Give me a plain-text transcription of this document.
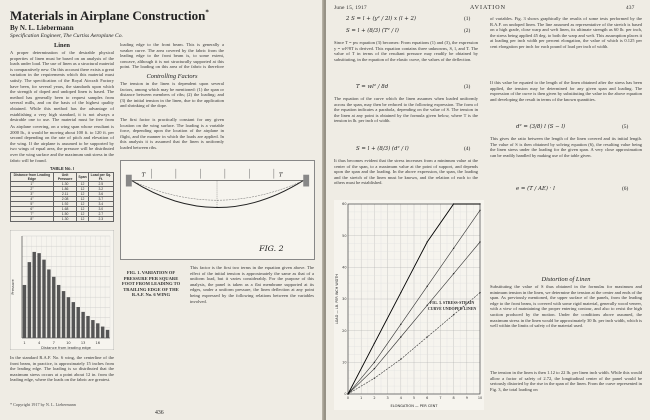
Materials in Airplane Construction*
By N. L. Liebermann
Specification Engineer, The Curtiss Aeroplane Co.
Linen
A proper determination of the desirable physical properties of linen must be based on an analysis of the loads under load. The use of linen as a structural material is comparatively new. On this account there exists a great variation in the requirements which this material must satisfy. The specification of the Royal Aircraft Factory have been, for several years, the standards upon which the strength of doped and undoped linen is based. The method has generally been to request samples from several mills, and on the basis of the highest quality obtained. While this method has the advantage of establishing a very high standard, it is not always a desirable one to use. The material must be free from
As airplane covering, on a wing span whose resultant is 2000 lb., it would be moving about 100 ft. to 120 ft. per second depending on the rate of pitch and elevation of the wing. If the airplane is assumed to be supported by two wings of equal area, the pressure will be distributed over the wing surface and the maximum unit stress in the fabric will be found.
TABLE No. I
Distance from Leading Edge	Unit Pressure	Span	Load per Sq. Ft.
1"	1.30	12	2.5
2"	1.86	12	3.2
3"	2.11	12	3.6
4"	2.08	12	3.7
5"	1.92	12	3.4
6"	1.68	12	3.0
7"	1.50	12	2.7
8"	1.30	12	2.3
1	4	7	10	13	16
Pressure
Distance from leading edge
FIG. 1. VARIATION OF PRESSURE PER SQUARE FOOT FROM LEADING TO TRAILING EDGE OF THE R.A.F. No. 6 WING
In the standard R.A.F. No. 6 wing, the centerline of the front beam, in practice, is approximately 15 inches from the leading edge. The loading is so distributed that the maximum stress occurs at a point about 12 in. from the leading edge, where the loads on the fabric are greatest.
loading edge to the front beam. This is generally a weaker curve. The area covered by the fabric from the leading edge to the front beam is, to some extent, concave, although it is not structurally supported at this point. The loading on this area of the fabric is therefore
Controlling Factors
The tension in the linen is dependent upon several factors, among which may be mentioned: (1) the span or distance between members of ribs; (2) the loading; and (3) the initial tension in the linen, due to the application and shrinking of the dope.
The first factor is practically constant for any given location on the wing surface. The loading is a variable force, depending upon the location of the airplane in flight, and the manner in which the loads are applied. In this analysis it is assumed that the linen is uniformly loaded between ribs.
T	T
FIG. 2
This factor is the first two terms in the equation given above. The effect of the initial tension is approximately the same as that of a uniform load, but it varies considerably. For the purpose of this analysis, the panel is taken as a flat membrane supported at its edges, under a uniform pressure, the linen deflection at any point being expressed by the following relations between the variables involved.
* Copyright 1917 by N. L. Liebermann
436
June 15, 1917	AVIATION	437
2 S = l + (y² / 2l) x (l + 2)	(1)
S = l + (8/3) (T² / l)	(2)
Since T = pw equation (3) becomes: From equations (1) and (3), the expression y = wl²/8T is derived. This equation contains three unknowns, S, l, and T. The value of T in terms of the resultant pressure may readily be obtained by substituting, in the equation of the elastic curve, the values of the deflection.
T = wl² / 8d	(3)
The equation of the curve which the linen assumes when loaded uniformly across the span, may then be reduced to the following expression. The form of the equation indicates a parabola, depending on the value of S. The tension in the linen at any point is obtained by the formula given below, where T is the tension in lb. per inch of width.
S = l + (8/3) (d² / l)	(4)
It thus becomes evident that the stress increases from a minimum value at the center of the span, to a maximum value at the point of support, and depends upon the span and the loading. In the above expression, the span, the loading and the stretch of the linen must be known, and the relation of each to the others must be established.
0	1	2	3	4	5	6	7	8	9	10
0
10
20
30
40
50
60
ELONGATION — PER CENT
LOAD — LB. PER INCH WIDTH	FIG. 3. STRESS-STRAIN CURVE UNDOPED LINEN
of variables. Fig. 3 shows graphically the results of some tests performed by the R.A.F. on undoped linen. The line assumed as representative of the stretch is based on a high grade, close warp and weft linen, its ultimate strength as 60 lb. per inch, the stress being applied 45 deg. to both the warp and weft. This assumption places it at loading per inch width per percent elongation, the value of which is 0.125 per cent elongation per inch for each pound of load per inch of width.
If this value be equated to the length of the linen obtained after the stress has been applied, the tension may be determined for any given span and loading. The expression of the curve is then given by substituting the value in the above equation and developing the result in terms of the known quantities.
d² = (3/8) l (S − l)	(5)
This gives the ratio between the length of the linen covered and its initial length. The value of S is then obtained by solving equation (6), the resulting value being the linen stress under the loading for the given span. A very close approximation can be readily handled by making use of the table given.
e = (T / AE) · l	(6)
Distortion of Linen
Substituting the value of S thus obtained in the formulas for maximum and minimum tension in the linen, we determine the tension at the center and ends of the span. As previously mentioned, the upper surface of the panels, from the leading edge to the front beam, is covered with some rigid material, generally wood veneer, with a view of maintaining the proper entering contour, and also to resist the high suction produced by the motion. Under the conditions above assumed, the maximum stress in the linen would be approximately 30 lb. per inch width, which is well within the limits of safety of the material used.
The tension in the linen is then 1.12 to 22 lb. per linen inch width. While this would allow a factor of safety of 2.72, the longitudinal center of the panel would be seriously distorted by the rise in the span of the linen. From the curve represented in Fig. 3, the total loading on
